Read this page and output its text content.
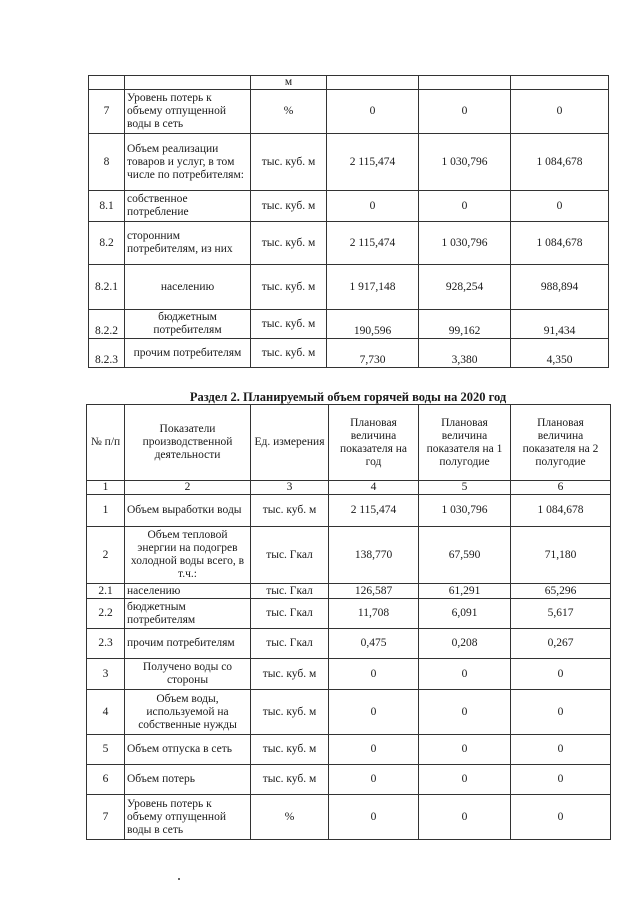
		м			
7	Уровень потерь к объему отпущенной воды в сеть	%	0	0	0
8	Объем реализации товаров и услуг, в том числе по потребителям:	тыс. куб. м	2 115,474	1 030,796	1 084,678
8.1	собственное потребление	тыс. куб. м	0	0	0
8.2	сторонним потребителям, из них	тыс. куб. м	2 115,474	1 030,796	1 084,678
8.2.1	населению	тыс. куб. м	1 917,148	928,254	988,894
8.2.2	бюджетным потребителям	тыс. куб. м	190,596	99,162	91,434
8.2.3	прочим потребителям	тыс. куб. м	7,730	3,380	4,350
Раздел 2. Планируемый объем горячей воды на 2020 год
№ п/п	Показатели производственной деятельности	Ед. измерения	Плановая величина показателя на год	Плановая величина показателя на 1 полугодие	Плановая величина показателя на 2 полугодие
1	2	3	4	5	6
1	Объем выработки воды	тыс. куб. м	2 115,474	1 030,796	1 084,678
2	Объем тепловой энергии на подогрев холодной воды всего, в т.ч.:	тыс. Гкал	138,770	67,590	71,180
2.1	населению	тыс. Гкал	126,587	61,291	65,296
2.2	бюджетным потребителям	тыс. Гкал	11,708	6,091	5,617
2.3	прочим потребителям	тыс. Гкал	0,475	0,208	0,267
3	Получено воды со стороны	тыс. куб. м	0	0	0
4	Объем воды, используемой на собственные нужды	тыс. куб. м	0	0	0
5	Объем отпуска в сеть	тыс. куб. м	0	0	0
6	Объем потерь	тыс. куб. м	0	0	0
7	Уровень потерь к объему отпущенной воды в сеть	%	0	0	0
